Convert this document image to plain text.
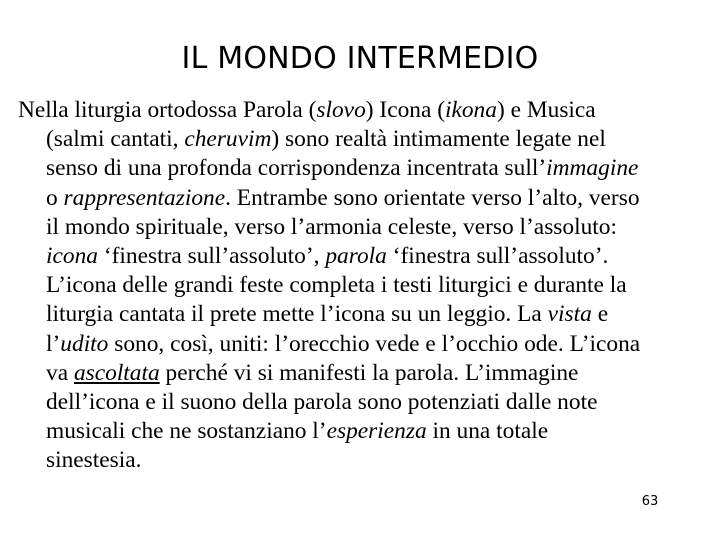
IL MONDO INTERMEDIO
Nella liturgia ortodossa Parola (slovo) Icona (ikona) e Musica
(salmi cantati, cheruvim) sono realtà intimamente legate nel
senso di una profonda corrispondenza incentrata sull’immagine
o rappresentazione. Entrambe sono orientate verso l’alto, verso
il mondo spirituale, verso l’armonia celeste, verso l’assoluto:
icona ‘finestra sull’assoluto’, parola ‘finestra sull’assoluto’.
L’icona delle grandi feste completa i testi liturgici e durante la
liturgia cantata il prete mette l’icona su un leggio. La vista e
l’udito sono, così, uniti: l’orecchio vede e l’occhio ode. L’icona
va ascoltata perché vi si manifesti la parola. L’immagine
dell’icona e il suono della parola sono potenziati dalle note
musicali che ne sostanziano l’esperienza in una totale
sinestesia.
63
